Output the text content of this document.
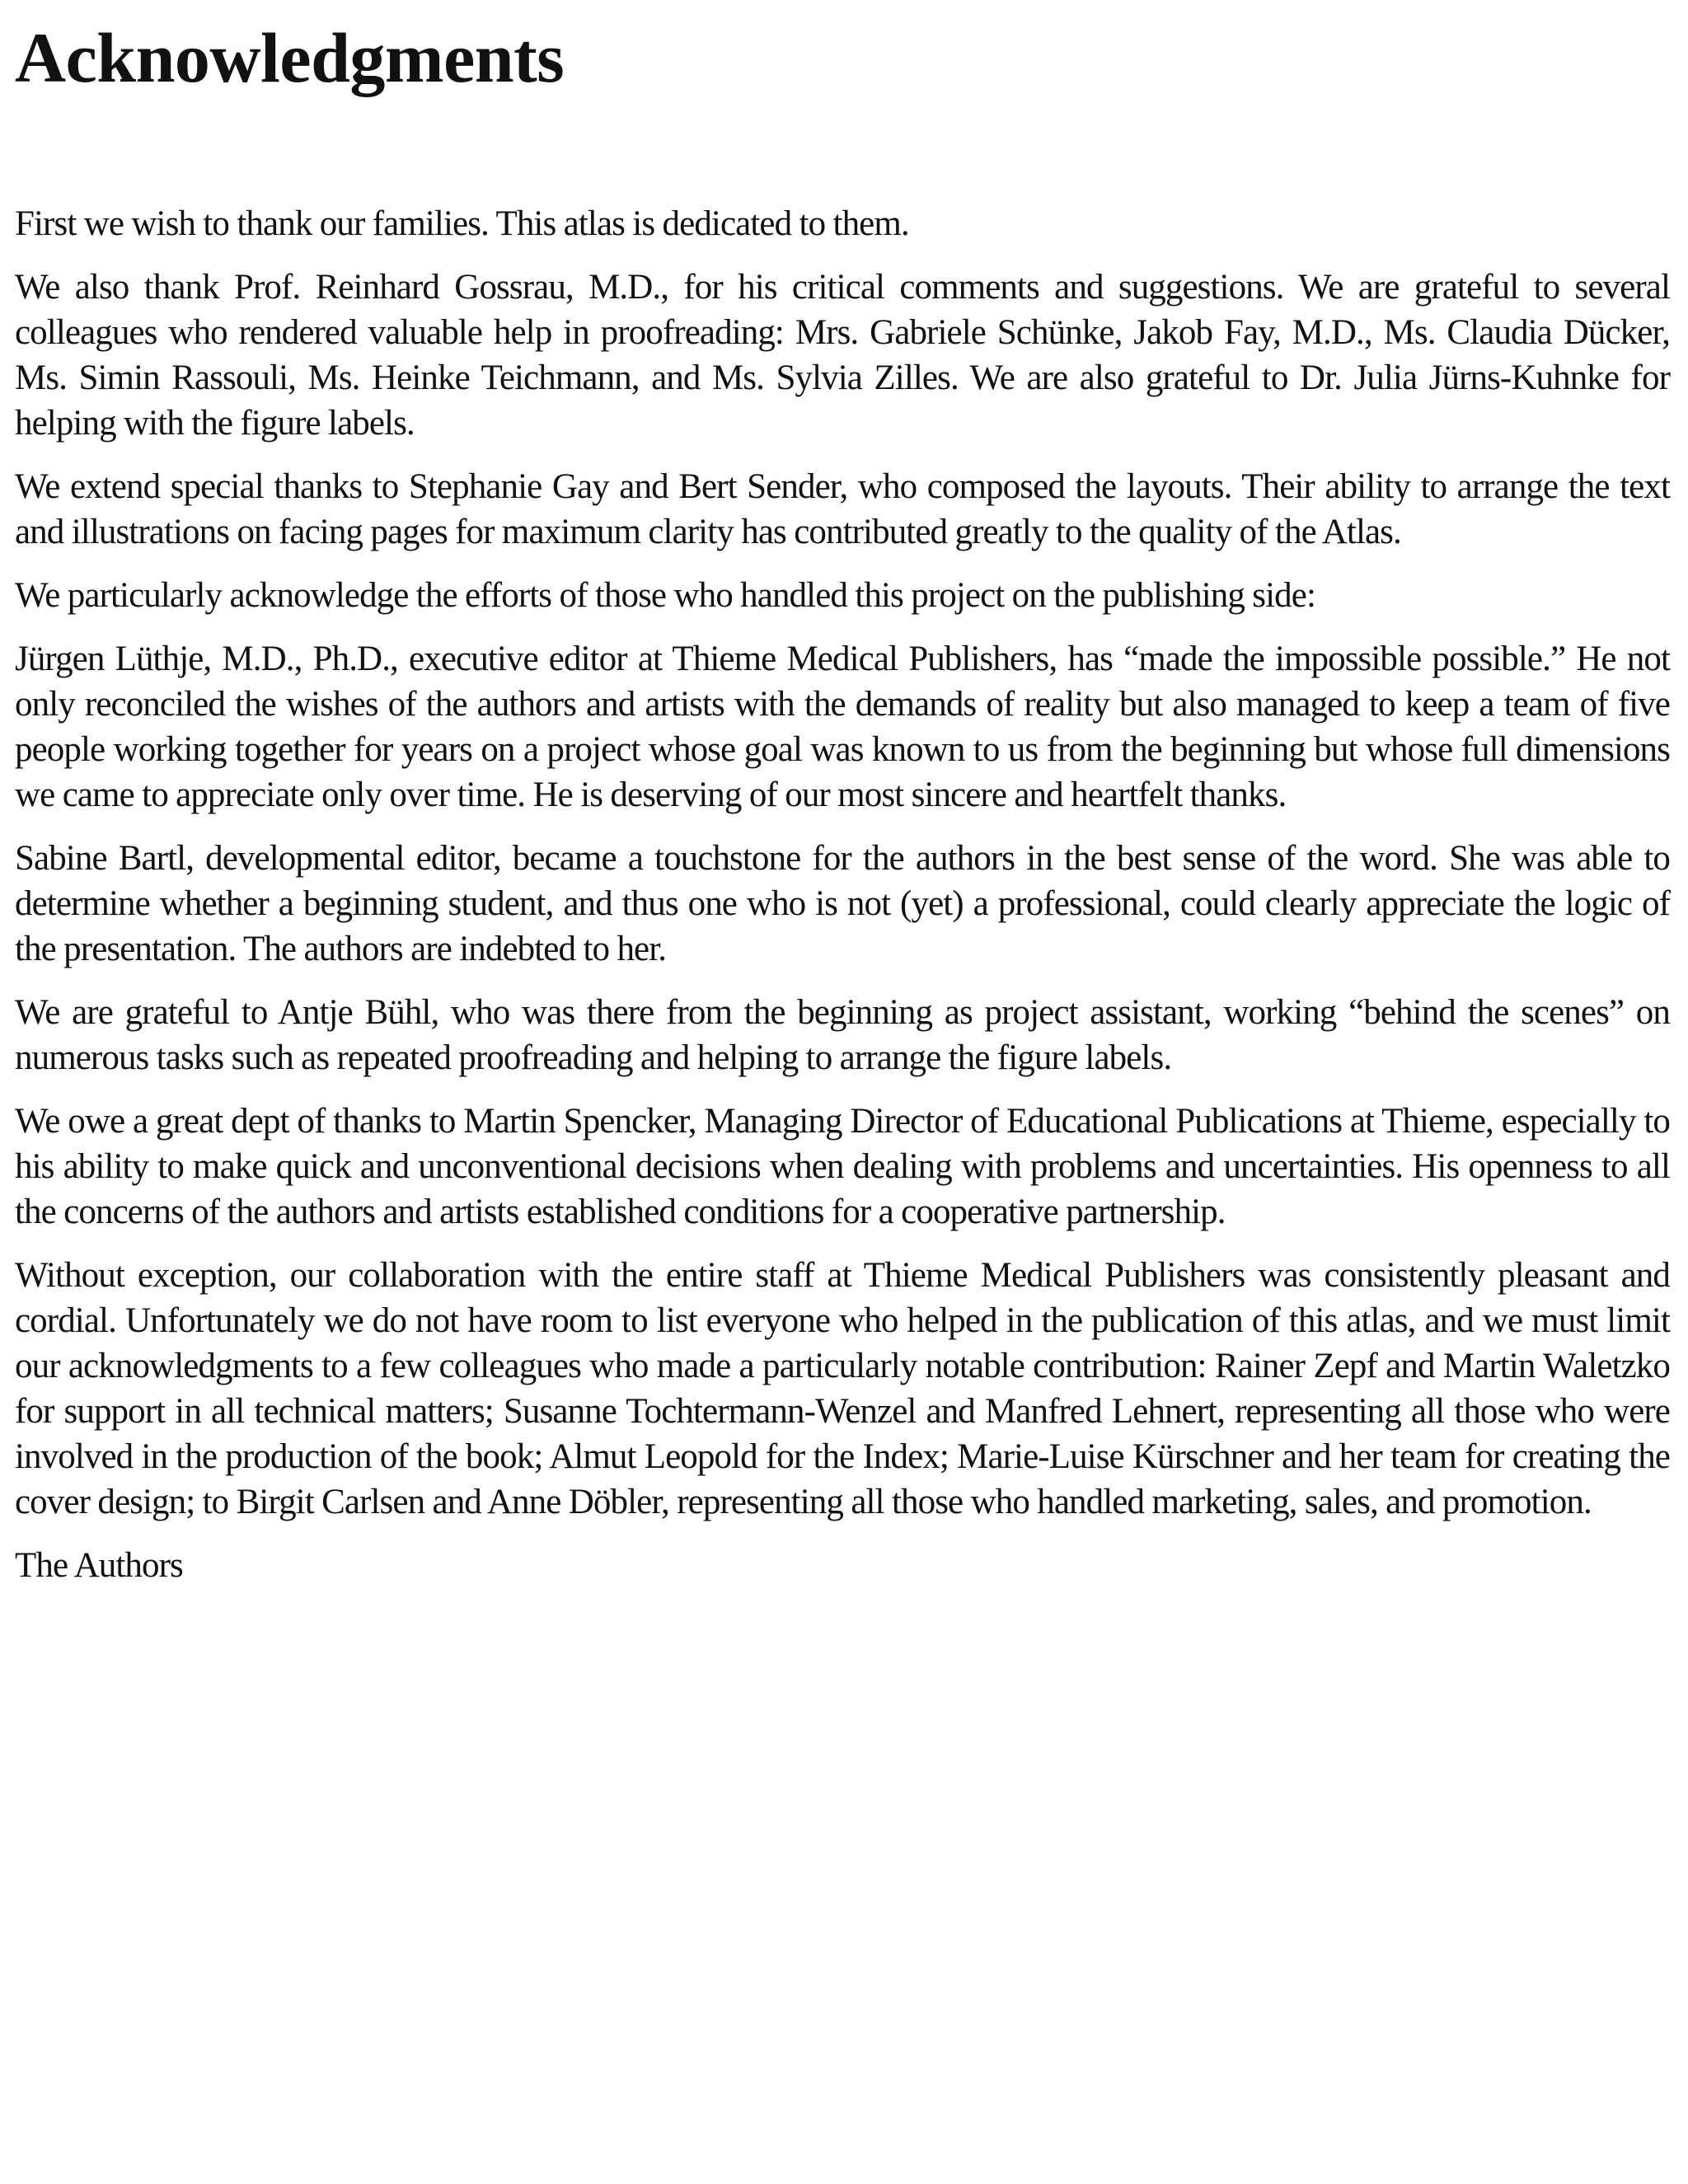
Acknowledgments

First we wish to thank our families. This atlas is dedicated to them.

We also thank Prof. Reinhard Gossrau, M.D., for his critical comments and suggestions. We are grateful to several colleagues who rendered valuable help in proofreading: Mrs. Gabriele Schünke, Jakob Fay, M.D., Ms. Claudia Dücker, Ms. Simin Rassouli, Ms. Heinke Teichmann, and Ms. Sylvia Zilles. We are also grateful to Dr. Julia Jürns-Kuhnke for helping with the figure labels.

We extend special thanks to Stephanie Gay and Bert Sender, who composed the layouts. Their ability to arrange the text and illustrations on facing pages for maximum clarity has contributed greatly to the quality of the Atlas.

We particularly acknowledge the efforts of those who handled this project on the publishing side:

Jürgen Lüthje, M.D., Ph.D., executive editor at Thieme Medical Publishers, has “made the impossible possible.” He not only reconciled the wishes of the authors and artists with the demands of reality but also managed to keep a team of five people working together for years on a project whose goal was known to us from the beginning but whose full dimensions we came to appreciate only over time. He is deserving of our most sincere and heartfelt thanks.

Sabine Bartl, developmental editor, became a touchstone for the authors in the best sense of the word. She was able to determine whether a beginning student, and thus one who is not (yet) a professional, could clearly appreciate the logic of the presentation. The authors are indebted to her.

We are grateful to Antje Bühl, who was there from the beginning as project assistant, working “behind the scenes” on numerous tasks such as repeated proofreading and helping to arrange the figure labels.

We owe a great dept of thanks to Martin Spencker, Managing Director of Educational Publications at Thieme, especially to his ability to make quick and unconventional decisions when dealing with problems and uncertainties. His openness to all the concerns of the authors and artists established conditions for a cooperative partnership.

Without exception, our collaboration with the entire staff at Thieme Medical Publishers was consistently pleasant and cordial. Unfortunately we do not have room to list everyone who helped in the publication of this atlas, and we must limit our acknowledgments to a few colleagues who made a particularly notable contribution: Rainer Zepf and Martin Waletzko for support in all technical matters; Susanne Tochtermann-Wenzel and Manfred Lehnert, representing all those who were involved in the production of the book; Almut Leopold for the Index; Marie-Luise Kürschner and her team for creating the cover design; to Birgit Carlsen and Anne Döbler, representing all those who handled marketing, sales, and promotion.

The Authors
